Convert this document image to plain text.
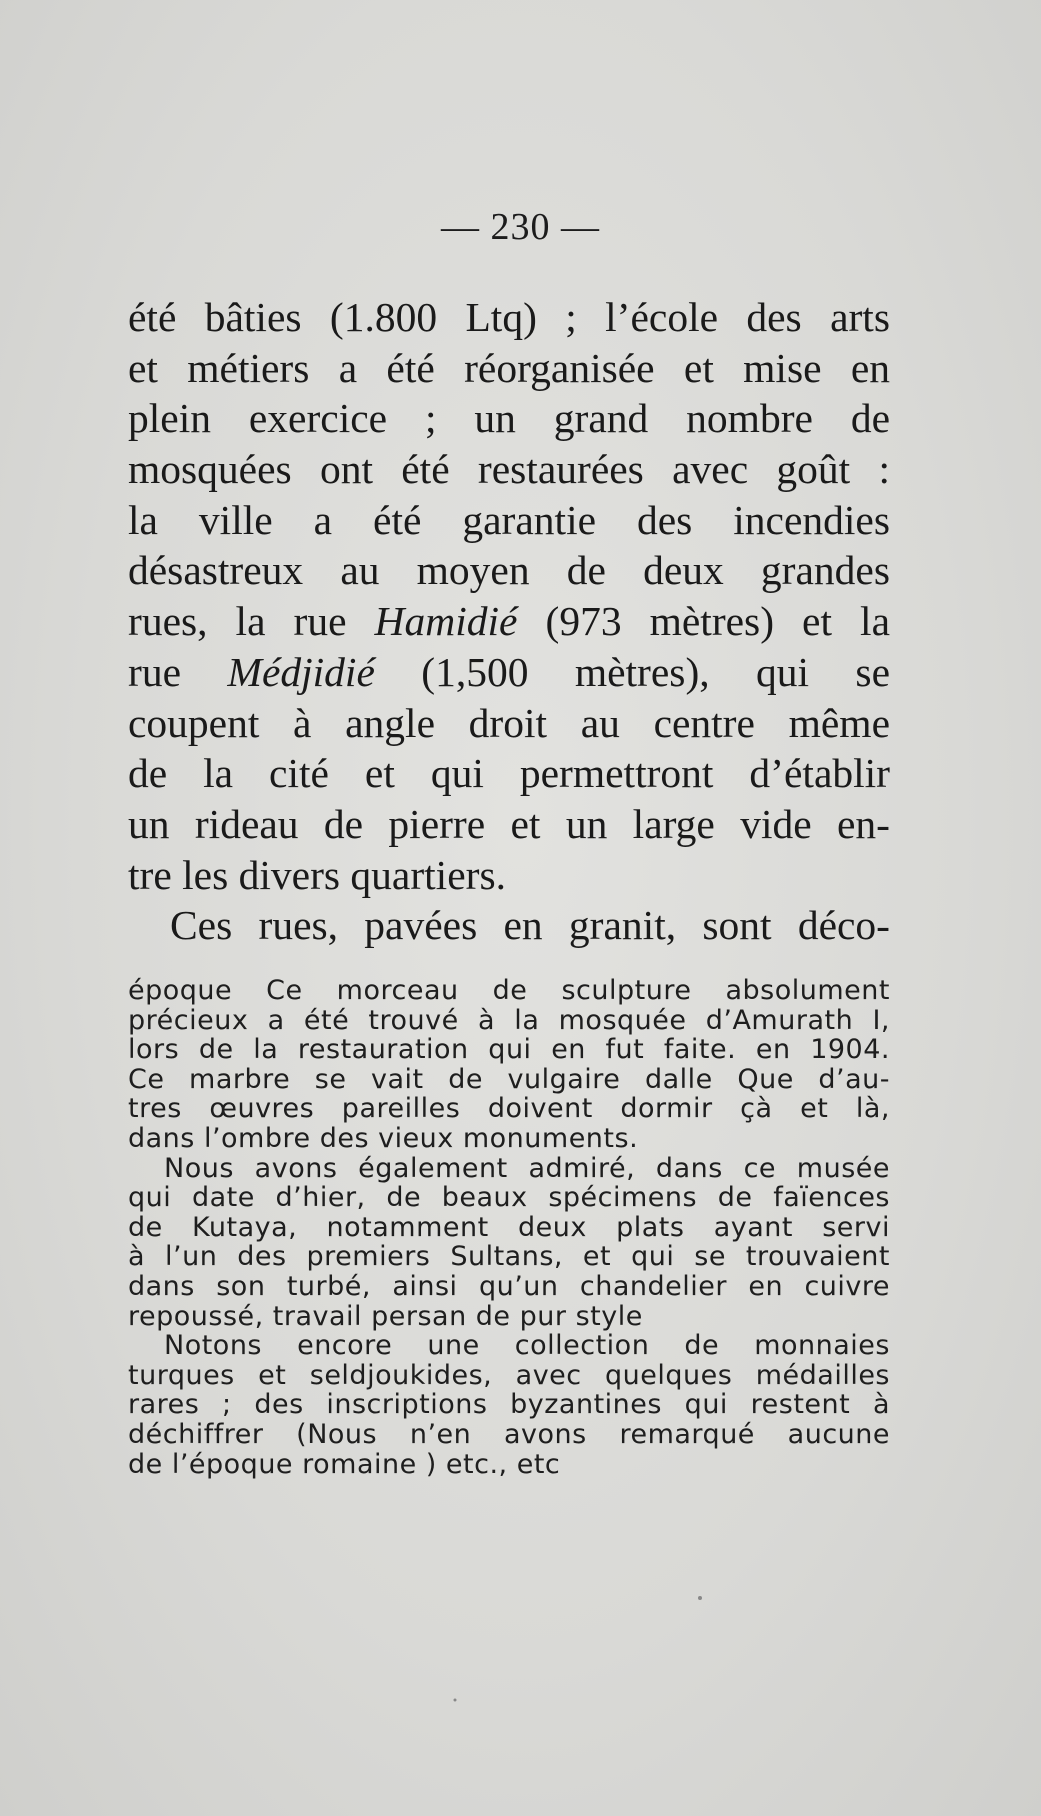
— 230 —
été bâties (1.800 Ltq) ; l’école des arts
et métiers a été réorganisée et mise en
plein exercice ; un grand nombre de
mosquées ont été restaurées avec goût :
la ville a été garantie des incendies
désastreux au moyen de deux grandes
rues, la rue Hamidié (973 mètres) et la
rue Médjidié (1,500 mètres), qui se
coupent à angle droit au centre même
de la cité et qui permettront d’établir
un rideau de pierre et un large vide en-
tre les divers quartiers.
Ces rues, pavées en granit, sont déco-
époque Ce morceau de sculpture absolument
précieux a été trouvé à la mosquée d’Amurath I,
lors de la restauration qui en fut faite. en 1904.
Ce marbre se vait de vulgaire dalle Que d’au-
tres œuvres pareilles doivent dormir çà et là,
dans l’ombre des vieux monuments.
Nous avons également admiré, dans ce musée
qui date d’hier, de beaux spécimens de faïences
de Kutaya, notamment deux plats ayant servi
à l’un des premiers Sultans, et qui se trouvaient
dans son turbé, ainsi qu’un chandelier en cuivre
repoussé, travail persan de pur style
Notons encore une collection de monnaies
turques et seldjoukides, avec quelques médailles
rares ; des inscriptions byzantines qui restent à
déchiffrer (Nous n’en avons remarqué aucune
de l’époque romaine ) etc., etc
